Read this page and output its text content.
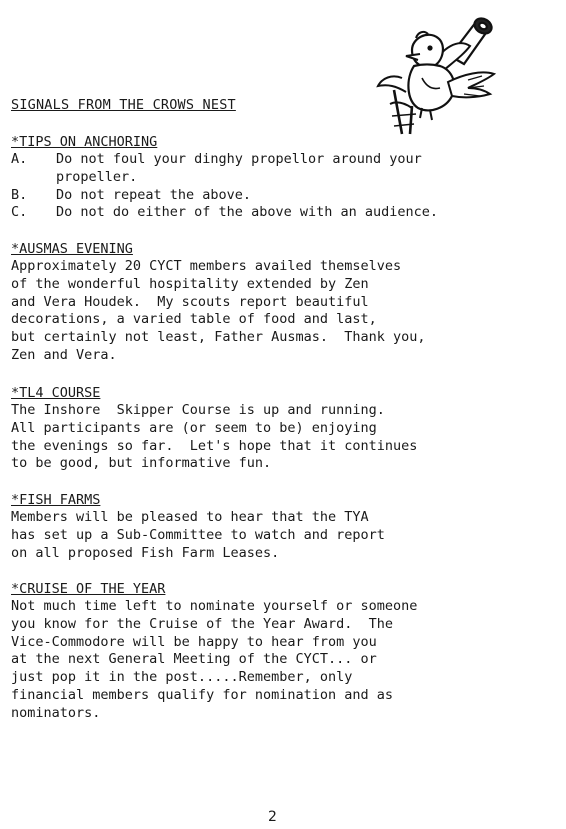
SIGNALS FROM THE CROWS NEST
*TIPS ON ANCHORING
A.	Do not foul your dinghy propellor around your
propeller.
B.	Do not repeat the above.
C.	Do not do either of the above with an audience.
*AUSMAS EVENING
Approximately 20 CYCT members availed themselves
of the wonderful hospitality extended by Zen
and Vera Houdek.  My scouts report beautiful
decorations, a varied table of food and last,
but certainly not least, Father Ausmas.  Thank you,
Zen and Vera.
*TL4 COURSE
The Inshore  Skipper Course is up and running.
All participants are (or seem to be) enjoying
the evenings so far.  Let's hope that it continues
to be good, but informative fun.
*FISH FARMS
Members will be pleased to hear that the TYA
has set up a Sub-Committee to watch and report
on all proposed Fish Farm Leases.
*CRUISE OF THE YEAR
Not much time left to nominate yourself or someone
you know for the Cruise of the Year Award.  The
Vice-Commodore will be happy to hear from you
at the next General Meeting of the CYCT... or
just pop it in the post.....Remember, only
financial members qualify for nomination and as
nominators.
2
